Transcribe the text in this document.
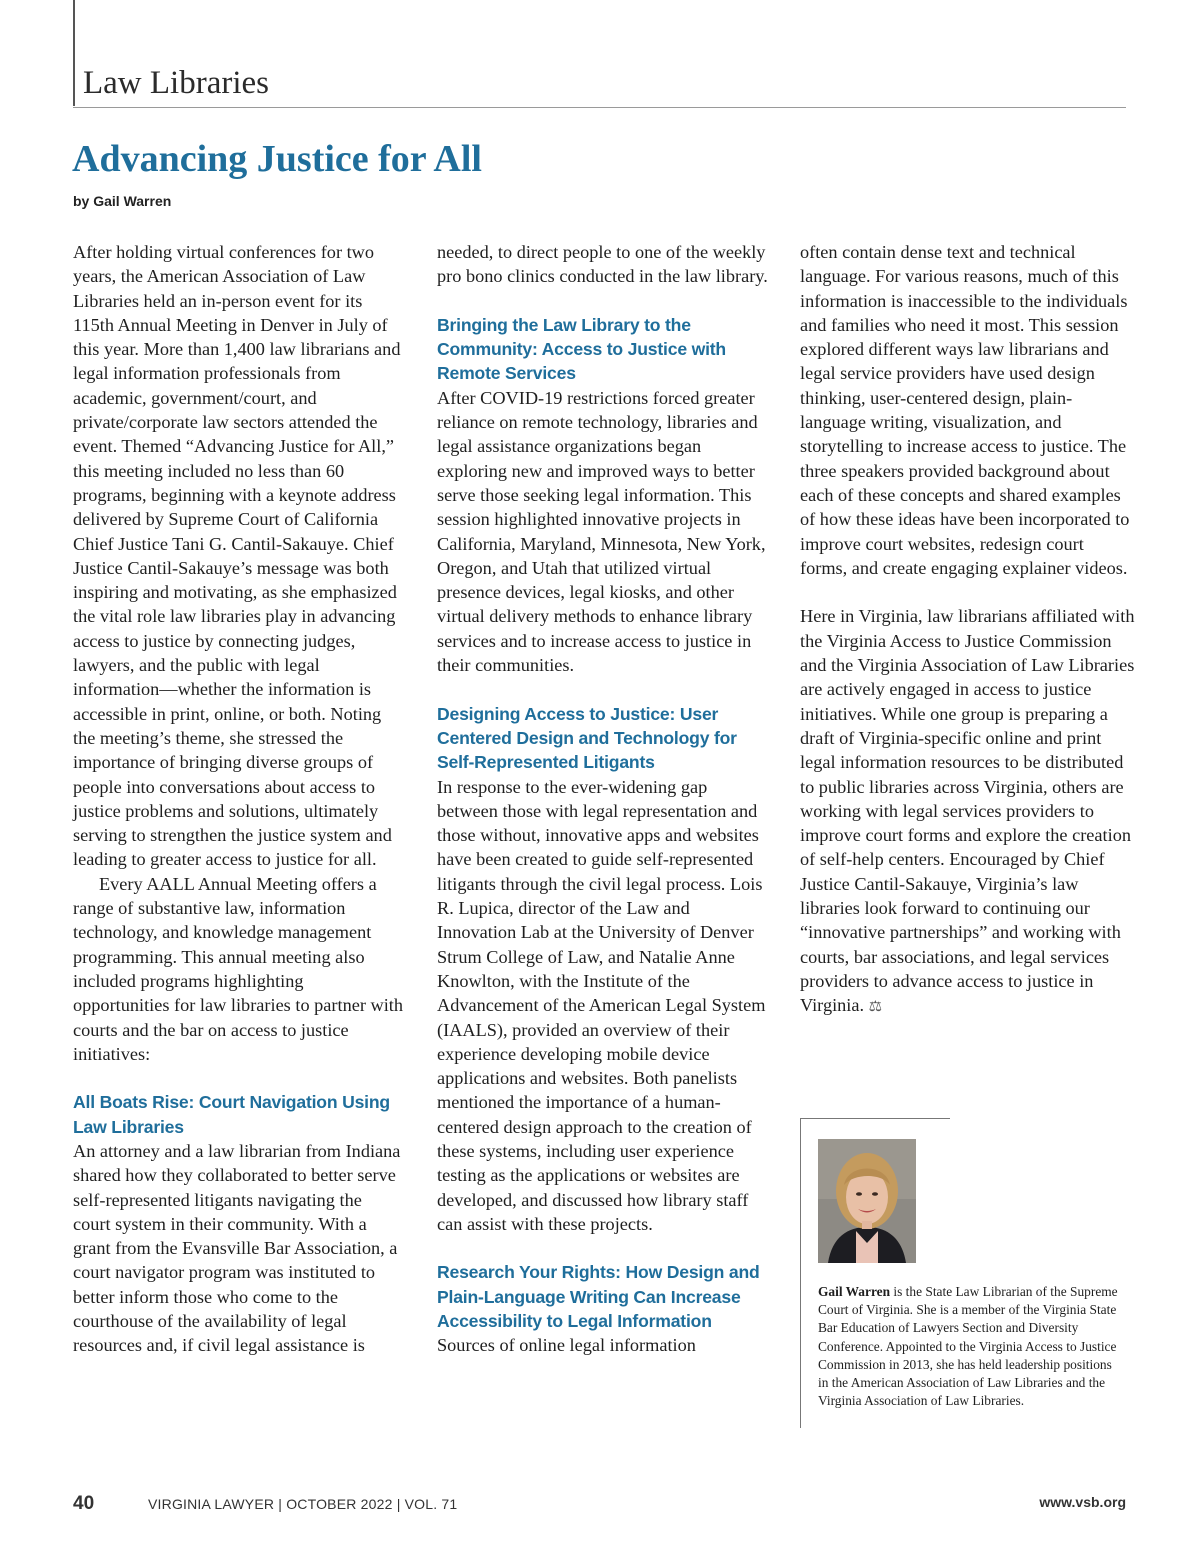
Law Libraries
Advancing Justice for All
by Gail Warren

After holding virtual conferences for two years, the American Association of Law Libraries held an in-person event for its 115th Annual Meeting in Denver in July of this year. More than 1,400 law librarians and legal information professionals from academic, government/court, and private/corporate law sectors attended the event. Themed “Advancing Justice for All,” this meeting included no less than 60 programs, beginning with a keynote address delivered by Supreme Court of California Chief Justice Tani G. Cantil-Sakauye. Chief Justice Cantil-Sakauye’s message was both inspiring and motivating, as she emphasized the vital role law libraries play in advancing access to justice by connecting judges, lawyers, and the public with legal information—whether the information is accessible in print, online, or both. Noting the meeting’s theme, she stressed the importance of bringing diverse groups of people into conversations about access to justice problems and solutions, ultimately serving to strengthen the justice system and leading to greater access to justice for all.

Every AALL Annual Meeting offers a range of substantive law, information technology, and knowledge management programming. This annual meeting also included programs highlighting opportunities for law libraries to partner with courts and the bar on access to justice initiatives:

All Boats Rise: Court Navigation Using Law Libraries

An attorney and a law librarian from Indiana shared how they collaborated to better serve self-represented litigants navigating the court system in their community. With a grant from the Evansville Bar Association, a court navigator program was instituted to better inform those who come to the courthouse of the availability of legal resources and, if civil legal assistance is

needed, to direct people to one of the weekly pro bono clinics conducted in the law library.

Bringing the Law Library to the Community: Access to Justice with Remote Services

After COVID-19 restrictions forced greater reliance on remote technology, libraries and legal assistance organizations began exploring new and improved ways to better serve those seeking legal information. This session highlighted innovative projects in California, Maryland, Minnesota, New York, Oregon, and Utah that utilized virtual presence devices, legal kiosks, and other virtual delivery methods to enhance library services and to increase access to justice in their communities.

Designing Access to Justice: User Centered Design and Technology for Self-Represented Litigants

In response to the ever-widening gap between those with legal representation and those without, innovative apps and websites have been created to guide self-represented litigants through the civil legal process. Lois R. Lupica, director of the Law and Innovation Lab at the University of Denver Strum College of Law, and Natalie Anne Knowlton, with the Institute of the Advancement of the American Legal System (IAALS), provided an overview of their experience developing mobile device applications and websites. Both panelists mentioned the importance of a human-centered design approach to the creation of these systems, including user experience testing as the applications or websites are developed, and discussed how library staff can assist with these projects.

Research Your Rights: How Design and Plain-Language Writing Can Increase Accessibility to Legal Information

Sources of online legal information

often contain dense text and technical language. For various reasons, much of this information is inaccessible to the individuals and families who need it most. This session explored different ways law librarians and legal service providers have used design thinking, user-centered design, plain-language writing, visualization, and storytelling to increase access to justice. The three speakers provided background about each of these concepts and shared examples of how these ideas have been incorporated to improve court websites, redesign court forms, and create engaging explainer videos.

Here in Virginia, law librarians affiliated with the Virginia Access to Justice Commission and the Virginia Association of Law Libraries are actively engaged in access to justice initiatives. While one group is preparing a draft of Virginia-specific online and print legal information resources to be distributed to public libraries across Virginia, others are working with legal services providers to improve court forms and explore the creation of self-help centers. Encouraged by Chief Justice Cantil-Sakauye, Virginia’s law libraries look forward to continuing our “innovative partnerships” and working with courts, bar associations, and legal services providers to advance access to justice in Virginia. ⚖

Gail Warren is the State Law Librarian of the Supreme Court of Virginia. She is a member of the Virginia State Bar Education of Lawyers Section and Diversity Conference. Appointed to the Virginia Access to Justice Commission in 2013, she has held leadership positions in the American Association of Law Libraries and the Virginia Association of Law Libraries.

40	VIRGINIA LAWYER | OCTOBER 2022 | VOL. 71	www.vsb.org
